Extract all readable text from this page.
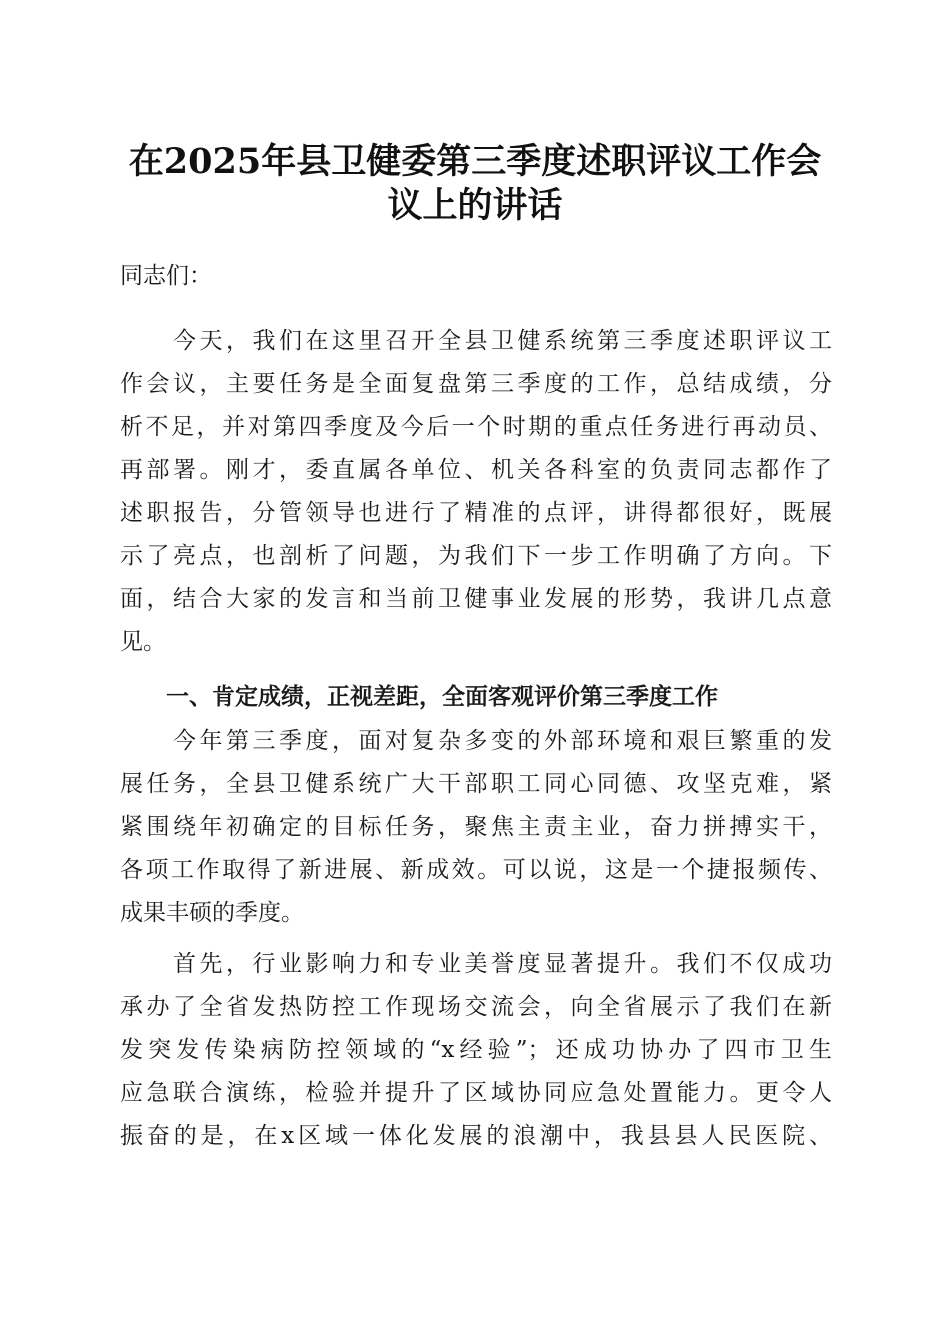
在2025年县卫健委第三季度述职评议工作会
议上的讲话

同志们：

　　今天，我们在这里召开全县卫健系统第三季度述职评议工
作会议，主要任务是全面复盘第三季度的工作，总结成绩，分
析不足，并对第四季度及今后一个时期的重点任务进行再动员、
再部署。刚才，委直属各单位、机关各科室的负责同志都作了
述职报告，分管领导也进行了精准的点评，讲得都很好，既展
示了亮点，也剖析了问题，为我们下一步工作明确了方向。下
面，结合大家的发言和当前卫健事业发展的形势，我讲几点意
见。

　　一、肯定成绩，正视差距，全面客观评价第三季度工作

　　今年第三季度，面对复杂多变的外部环境和艰巨繁重的发
展任务，全县卫健系统广大干部职工同心同德、攻坚克难，紧
紧围绕年初确定的目标任务，聚焦主责主业，奋力拼搏实干，
各项工作取得了新进展、新成效。可以说，这是一个捷报频传、
成果丰硕的季度。

　　首先，行业影响力和专业美誉度显著提升。我们不仅成功
承办了全省发热防控工作现场交流会，向全省展示了我们在新
发突发传染病防控领域的“x经验”；还成功协办了四市卫生
应急联合演练，检验并提升了区域协同应急处置能力。更令人
振奋的是，在x区域一体化发展的浪潮中，我县县人民医院、
